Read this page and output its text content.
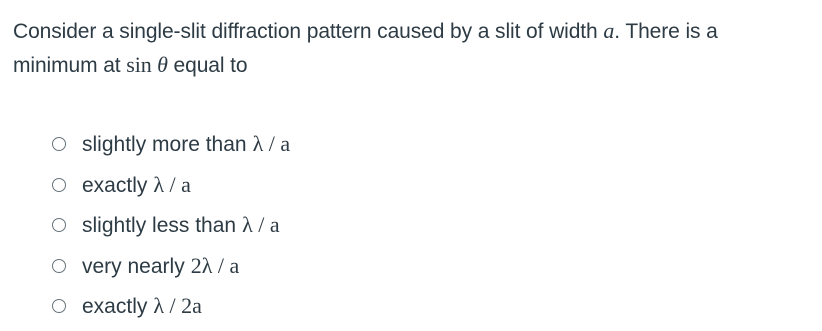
Consider a single-slit diffraction pattern caused by a slit of width a. There is a
minimum at sin θ equal to
slightly more than λ / a
exactly λ / a
slightly less than λ / a
very nearly 2λ / a
exactly λ / 2a
